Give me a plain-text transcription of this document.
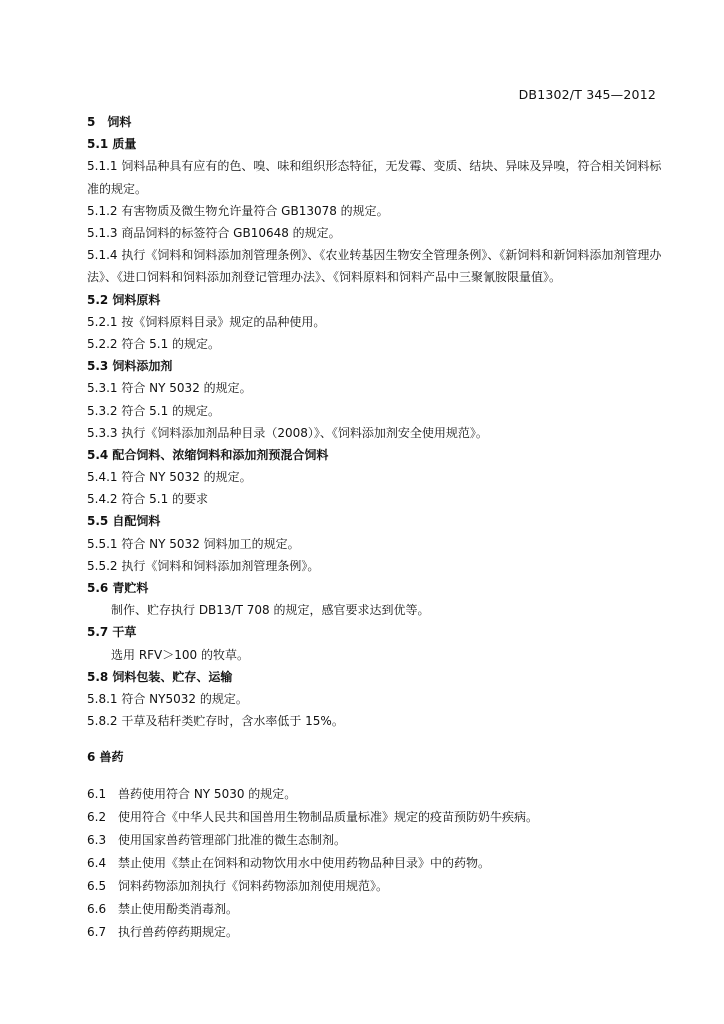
DB1302/T 345—2012
5　饲料
5.1 质量
5.1.1 饲料品种具有应有的色、嗅、味和组织形态特征，无发霉、变质、结块、异味及异嗅，符合相关饲料标准的规定。
5.1.2 有害物质及微生物允许量符合 GB13078 的规定。
5.1.3 商品饲料的标签符合 GB10648 的规定。
5.1.4 执行《饲料和饲料添加剂管理条例》、《农业转基因生物安全管理条例》、《新饲料和新饲料添加剂管理办法》、《进口饲料和饲料添加剂登记管理办法》、《饲料原料和饲料产品中三聚氰胺限量值》。
5.2 饲料原料
5.2.1 按《饲料原料目录》规定的品种使用。
5.2.2 符合 5.1 的规定。
5.3 饲料添加剂
5.3.1 符合 NY 5032 的规定。
5.3.2 符合 5.1 的规定。
5.3.3 执行《饲料添加剂品种目录（2008）》、《饲料添加剂安全使用规范》。
5.4 配合饲料、浓缩饲料和添加剂预混合饲料
5.4.1 符合 NY 5032 的规定。
5.4.2 符合 5.1 的要求
5.5 自配饲料
5.5.1 符合 NY 5032 饲料加工的规定。
5.5.2 执行《饲料和饲料添加剂管理条例》。
5.6 青贮料
制作、贮存执行 DB13/T 708 的规定，感官要求达到优等。
5.7 干草
选用 RFV＞100 的牧草。
5.8 饲料包装、贮存、运输
5.8.1 符合 NY5032 的规定。
5.8.2 干草及秸秆类贮存时，含水率低于 15%。
6 兽药
6.1 兽药使用符合 NY 5030 的规定。
6.2 使用符合《中华人民共和国兽用生物制品质量标准》规定的疫苗预防奶牛疾病。
6.3 使用国家兽药管理部门批准的微生态制剂。
6.4 禁止使用《禁止在饲料和动物饮用水中使用药物品种目录》中的药物。
6.5 饲料药物添加剂执行《饲料药物添加剂使用规范》。
6.6 禁止使用酚类消毒剂。
6.7 执行兽药停药期规定。
